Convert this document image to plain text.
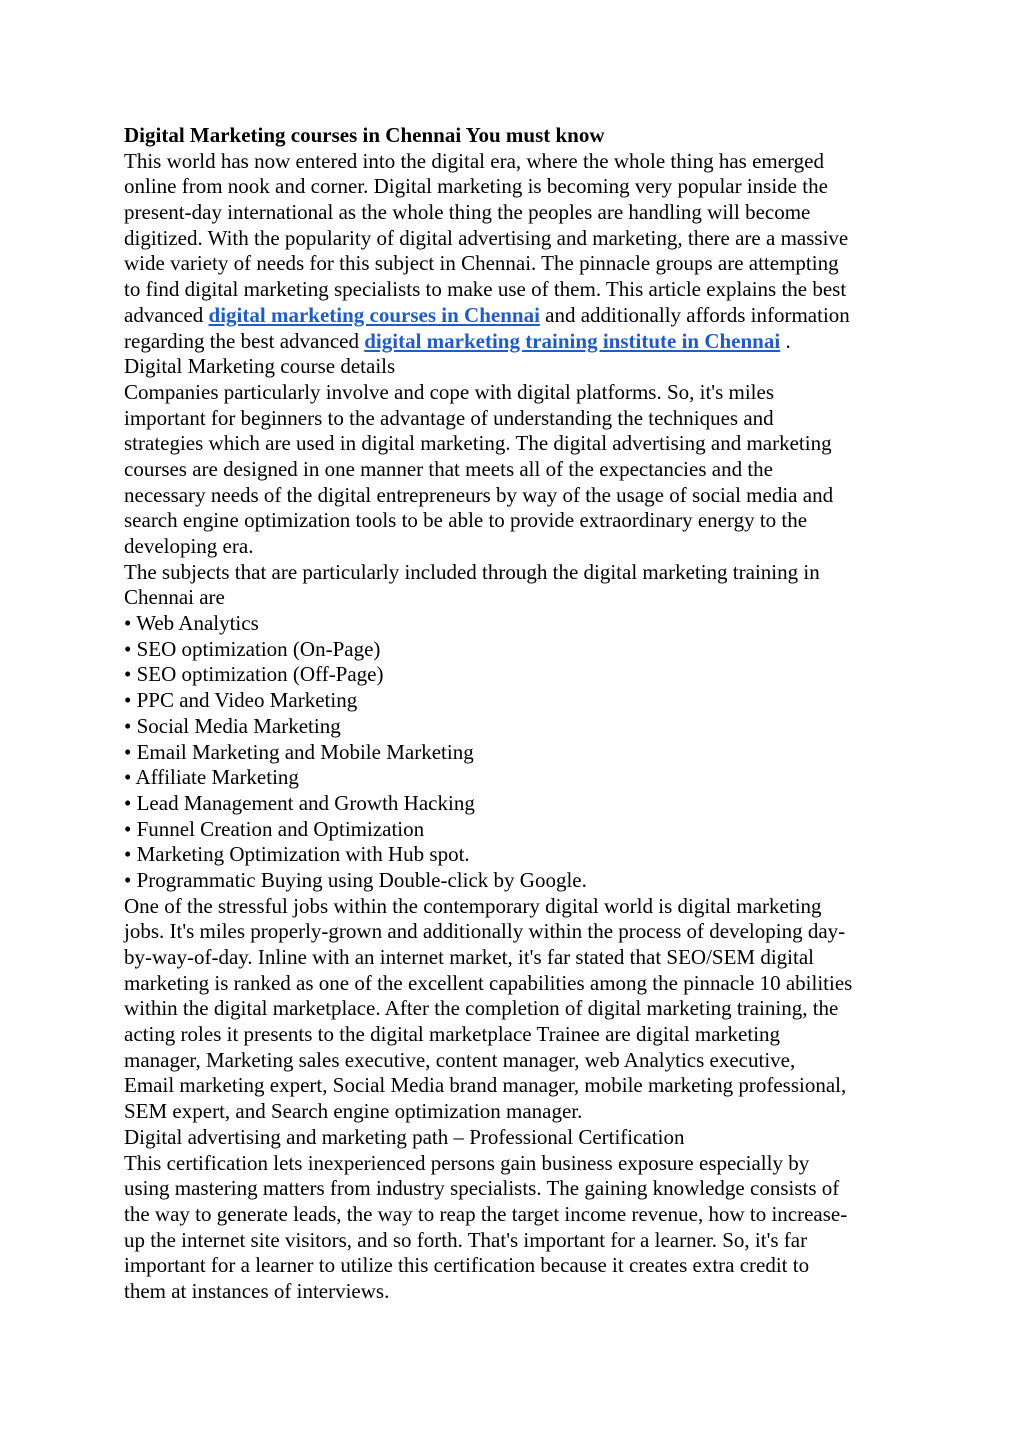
Digital Marketing courses in Chennai You must know
This world has now entered into the digital era, where the whole thing has emerged
online from nook and corner. Digital marketing is becoming very popular inside the
present-day international as the whole thing the peoples are handling will become
digitized. With the popularity of digital advertising and marketing, there are a massive
wide variety of needs for this subject in Chennai. The pinnacle groups are attempting
to find digital marketing specialists to make use of them. This article explains the best
advanced digital marketing courses in Chennai and additionally affords information
regarding the best advanced digital marketing training institute in Chennai .
Digital Marketing course details
Companies particularly involve and cope with digital platforms. So, it's miles
important for beginners to the advantage of understanding the techniques and
strategies which are used in digital marketing. The digital advertising and marketing
courses are designed in one manner that meets all of the expectancies and the
necessary needs of the digital entrepreneurs by way of the usage of social media and
search engine optimization tools to be able to provide extraordinary energy to the
developing era.
The subjects that are particularly included through the digital marketing training in
Chennai are
• Web Analytics
• SEO optimization (On-Page)
• SEO optimization (Off-Page)
• PPC and Video Marketing
• Social Media Marketing
• Email Marketing and Mobile Marketing
• Affiliate Marketing
• Lead Management and Growth Hacking
• Funnel Creation and Optimization
• Marketing Optimization with Hub spot.
• Programmatic Buying using Double-click by Google.
One of the stressful jobs within the contemporary digital world is digital marketing
jobs. It's miles properly-grown and additionally within the process of developing day-
by-way-of-day. Inline with an internet market, it's far stated that SEO/SEM digital
marketing is ranked as one of the excellent capabilities among the pinnacle 10 abilities
within the digital marketplace. After the completion of digital marketing training, the
acting roles it presents to the digital marketplace Trainee are digital marketing
manager, Marketing sales executive, content manager, web Analytics executive,
Email marketing expert, Social Media brand manager, mobile marketing professional,
SEM expert, and Search engine optimization manager.
Digital advertising and marketing path – Professional Certification
This certification lets inexperienced persons gain business exposure especially by
using mastering matters from industry specialists. The gaining knowledge consists of
the way to generate leads, the way to reap the target income revenue, how to increase-
up the internet site visitors, and so forth. That's important for a learner. So, it's far
important for a learner to utilize this certification because it creates extra credit to
them at instances of interviews.
